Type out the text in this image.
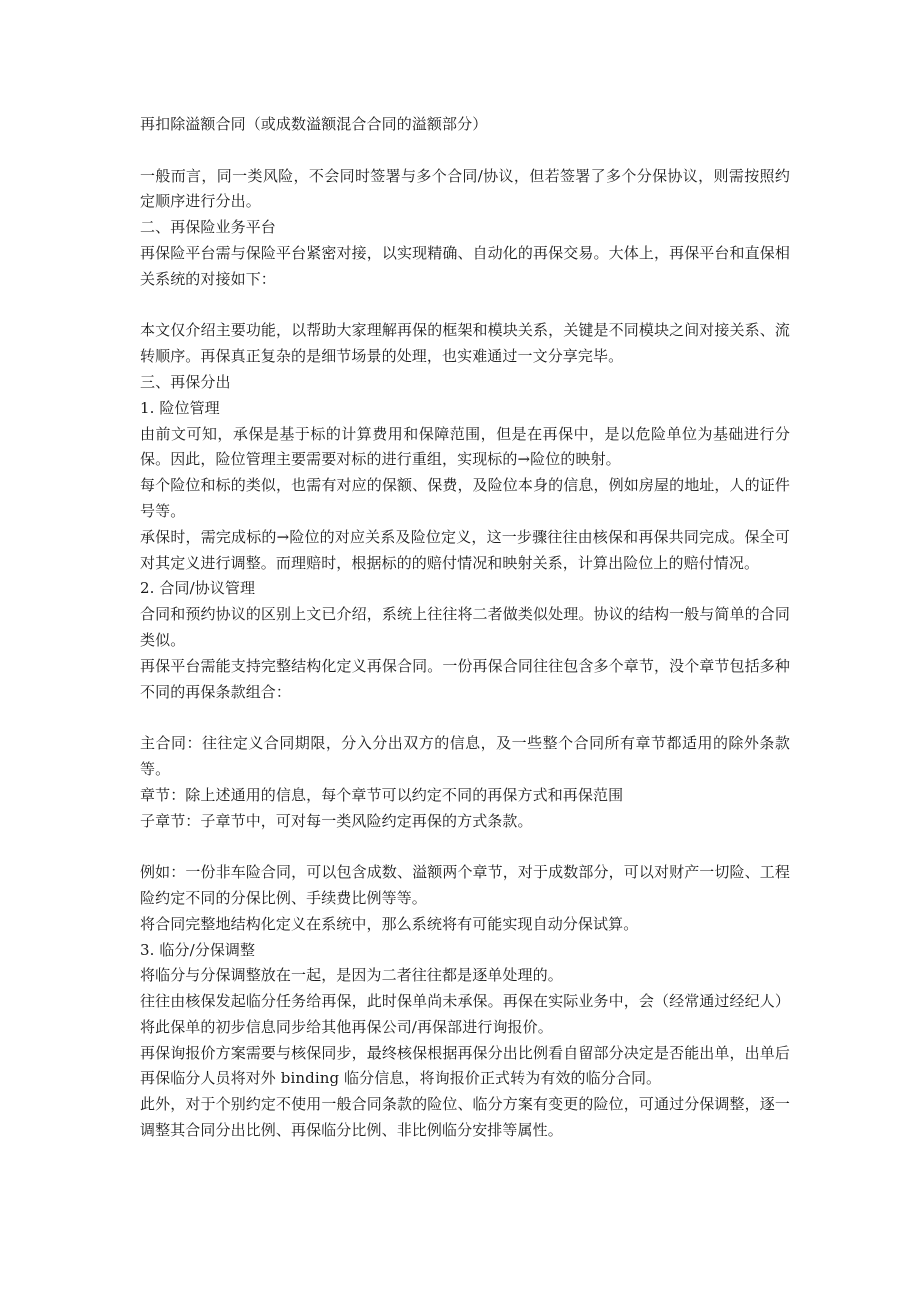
再扣除溢额合同（或成数溢额混合合同的溢额部分）

一般而言，同一类风险，不会同时签署与多个合同/协议，但若签署了多个分保协议，则需按照约定顺序进行分出。

二、再保险业务平台

再保险平台需与保险平台紧密对接，以实现精确、自动化的再保交易。大体上，再保平台和直保相关系统的对接如下：

本文仅介绍主要功能，以帮助大家理解再保的框架和模块关系，关键是不同模块之间对接关系、流转顺序。再保真正复杂的是细节场景的处理，也实难通过一文分享完毕。

三、再保分出

1. 险位管理

由前文可知，承保是基于标的计算费用和保障范围，但是在再保中，是以危险单位为基础进行分保。因此，险位管理主要需要对标的进行重组，实现标的→险位的映射。

每个险位和标的类似，也需有对应的保额、保费，及险位本身的信息，例如房屋的地址，人的证件号等。

承保时，需完成标的→险位的对应关系及险位定义，这一步骤往往由核保和再保共同完成。保全可对其定义进行调整。而理赔时，根据标的的赔付情况和映射关系，计算出险位上的赔付情况。

2. 合同/协议管理

合同和预约协议的区别上文已介绍，系统上往往将二者做类似处理。协议的结构一般与简单的合同类似。

再保平台需能支持完整结构化定义再保合同。一份再保合同往往包含多个章节，没个章节包括多种不同的再保条款组合：

主合同：往往定义合同期限，分入分出双方的信息，及一些整个合同所有章节都适用的除外条款等。

章节：除上述通用的信息，每个章节可以约定不同的再保方式和再保范围

子章节：子章节中，可对每一类风险约定再保的方式条款。

例如：一份非车险合同，可以包含成数、溢额两个章节，对于成数部分，可以对财产一切险、工程险约定不同的分保比例、手续费比例等等。

将合同完整地结构化定义在系统中，那么系统将有可能实现自动分保试算。

3. 临分/分保调整

将临分与分保调整放在一起，是因为二者往往都是逐单处理的。

往往由核保发起临分任务给再保，此时保单尚未承保。再保在实际业务中，会（经常通过经纪人）将此保单的初步信息同步给其他再保公司/再保部进行询报价。

再保询报价方案需要与核保同步，最终核保根据再保分出比例看自留部分决定是否能出单，出单后再保临分人员将对外 binding 临分信息，将询报价正式转为有效的临分合同。

此外，对于个别约定不使用一般合同条款的险位、临分方案有变更的险位，可通过分保调整，逐一调整其合同分出比例、再保临分比例、非比例临分安排等属性。
